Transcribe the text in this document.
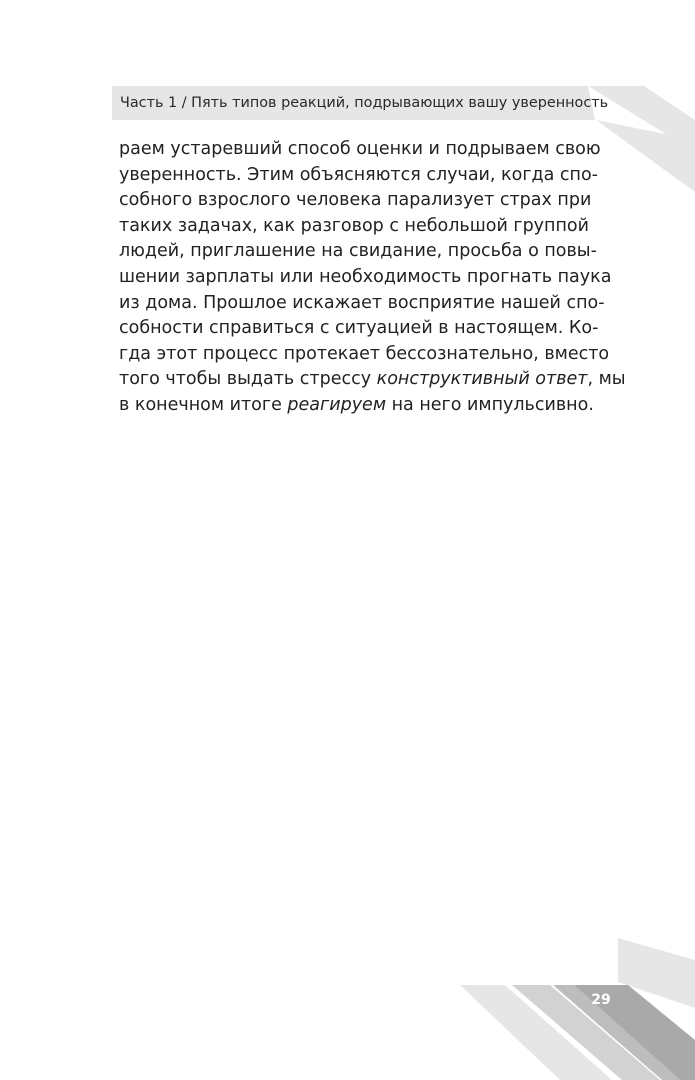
Часть 1 / Пять типов реакций, подрывающих вашу уверенность
раем устаревший способ оценки и подрываем свою
уверенность. Этим объясняются случаи, когда спо-
собного взрослого человека парализует страх при
таких задачах, как разговор с небольшой группой
людей, приглашение на свидание, просьба о повы-
шении зарплаты или необходимость прогнать паука
из дома. Прошлое искажает восприятие нашей спо-
собности справиться с ситуацией в настоящем. Ко-
гда этот процесс протекает бессознательно, вместо
того чтобы выдать стрессу конструктивный ответ, мы
в конечном итоге реагируем на него импульсивно.
29
